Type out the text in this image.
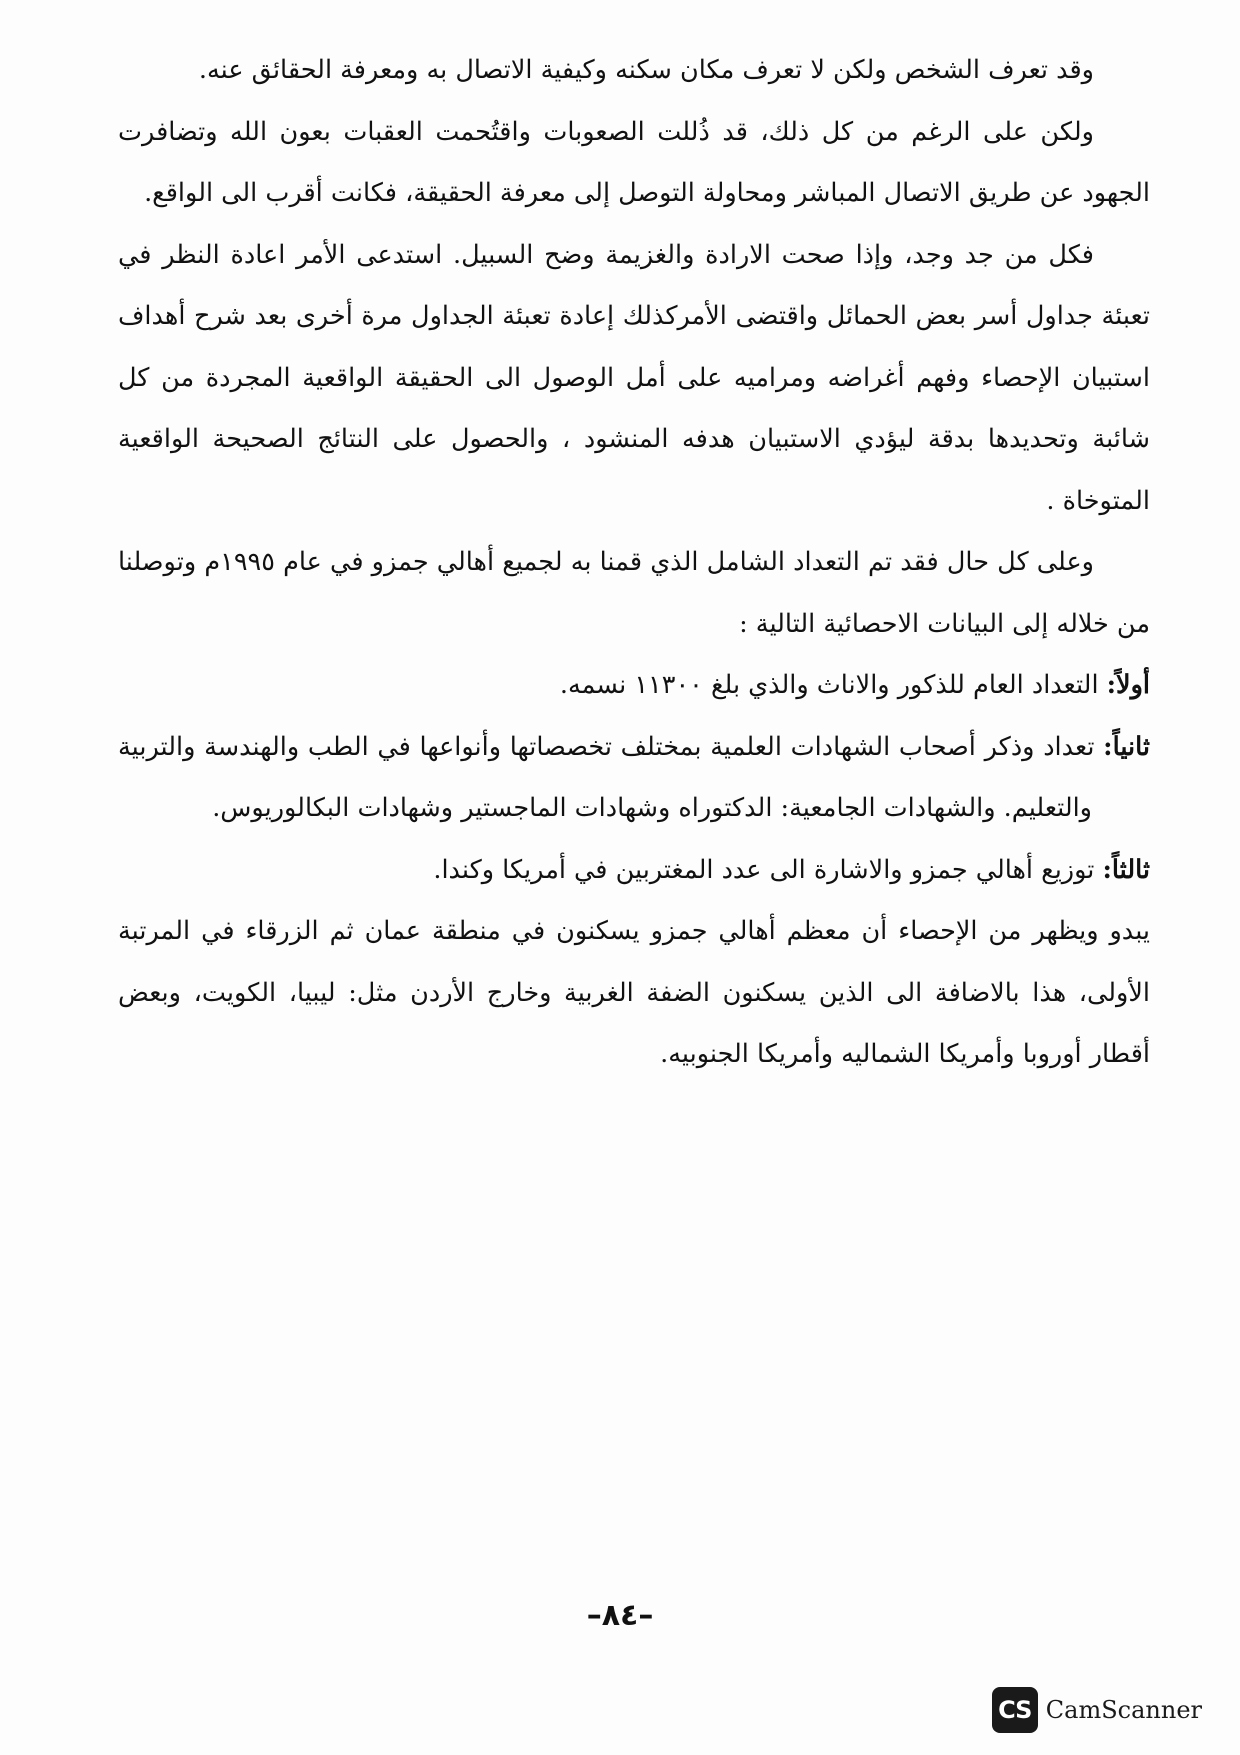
وقد تعرف الشخص ولكن لا تعرف مكان سكنه وكيفية الاتصال به ومعرفة الحقائق عنه.

ولكن على الرغم من كل ذلك، قد ذُللت الصعوبات واقتُحمت العقبات بعون الله وتضافرت الجهود عن طريق الاتصال المباشر ومحاولة التوصل إلى معرفة الحقيقة، فكانت أقرب الى الواقع.

فكل من جد وجد، وإذا صحت الارادة والغزيمة وضح السبيل. استدعى الأمر اعادة النظر في تعبئة جداول أسر بعض الحمائل واقتضى الأمركذلك إعادة تعبئة الجداول مرة أخرى بعد شرح أهداف استبيان الإحصاء وفهم أغراضه ومراميه على أمل الوصول الى الحقيقة الواقعية المجردة من كل شائبة وتحديدها بدقة ليؤدي الاستبيان هدفه المنشود ، والحصول على النتائج الصحيحة الواقعية المتوخاة .

وعلى كل حال فقد تم التعداد الشامل الذي قمنا به لجميع أهالي جمزو في عام ١٩٩٥م وتوصلنا من خلاله إلى البيانات الاحصائية التالية :

أولاً: التعداد العام للذكور والاناث والذي بلغ ١١٣٠٠ نسمه.

ثانياً: تعداد وذكر أصحاب الشهادات العلمية بمختلف تخصصاتها وأنواعها في الطب والهندسة والتربية والتعليم. والشهادات الجامعية: الدكتوراه وشهادات الماجستير وشهادات البكالوريوس.

ثالثاً: توزيع أهالي جمزو والاشارة الى عدد المغتربين في أمريكا وكندا.

يبدو ويظهر من الإحصاء أن معظم أهالي جمزو يسكنون في منطقة عمان ثم الزرقاء في المرتبة الأولى، هذا بالاضافة الى الذين يسكنون الضفة الغربية وخارج الأردن مثل: ليبيا، الكويت، وبعض أقطار أوروبا وأمريكا الشماليه وأمريكا الجنوبيه.

–٨٤–
CS CamScanner
